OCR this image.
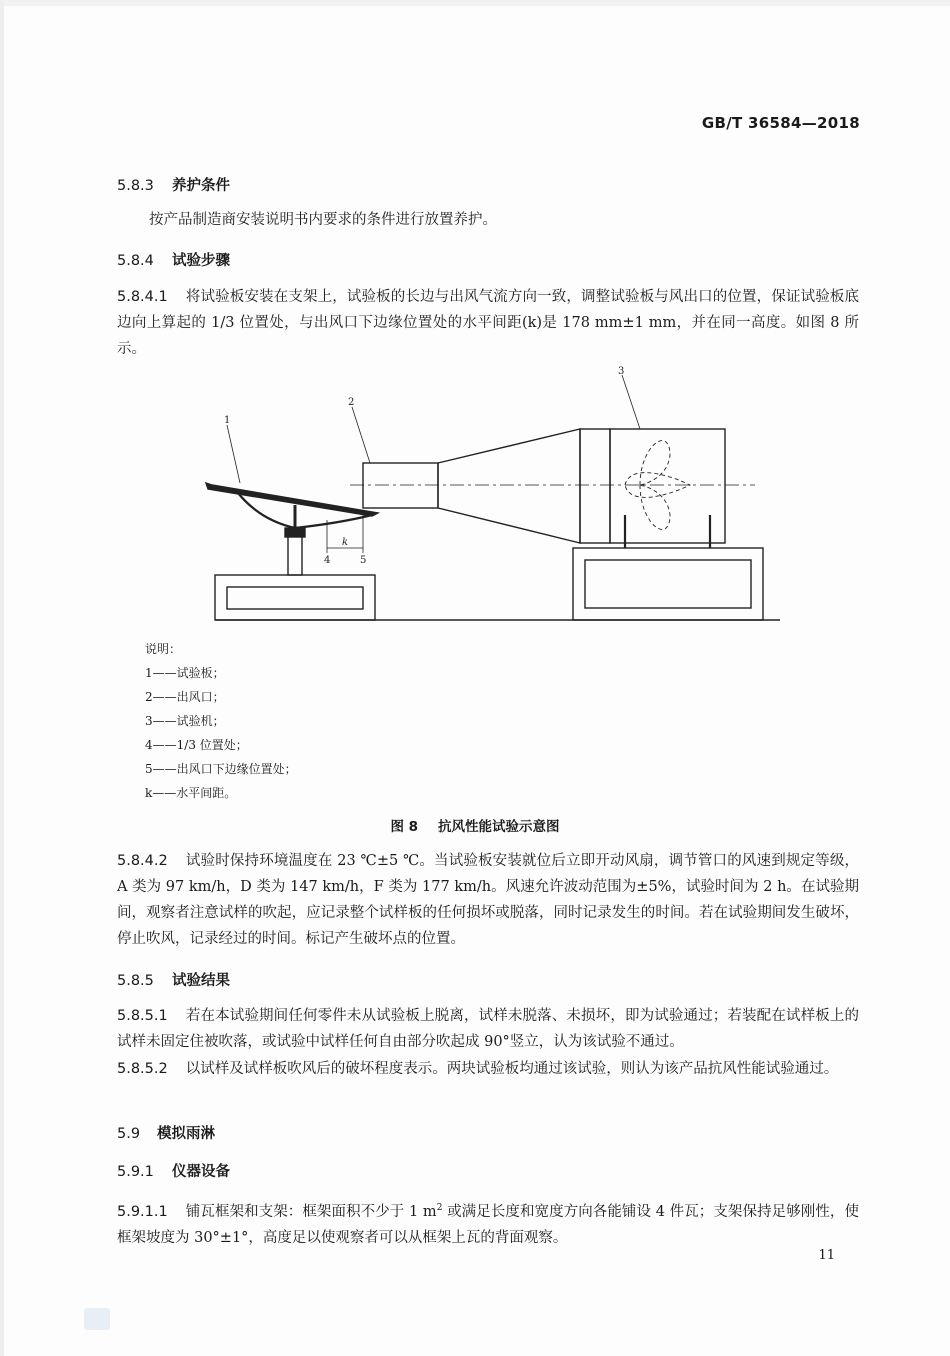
GB/T 36584—2018
5.8.3 养护条件
按产品制造商安装说明书内要求的条件进行放置养护。
5.8.4 试验步骤
5.8.4.1 将试验板安装在支架上，试验板的长边与出风气流方向一致，调整试验板与风出口的位置，保证试验板底边向上算起的 1/3 位置处，与出风口下边缘位置处的水平间距(k)是 178 mm±1 mm，并在同一高度。如图 8 所示。
1
2
3
4	5
k
说明：
1——试验板；
2——出风口；
3——试验机；
4——1/3 位置处；
5——出风口下边缘位置处；
k——水平间距。
图 8 抗风性能试验示意图
5.8.4.2 试验时保持环境温度在 23 ℃±5 ℃。当试验板安装就位后立即开动风扇，调节管口的风速到规定等级，A 类为 97 km/h，D 类为 147 km/h，F 类为 177 km/h。风速允许波动范围为±5%，试验时间为 2 h。在试验期间，观察者注意试样的吹起，应记录整个试样板的任何损坏或脱落，同时记录发生的时间。若在试验期间发生破坏，停止吹风，记录经过的时间。标记产生破坏点的位置。
5.8.5 试验结果
5.8.5.1 若在本试验期间任何零件未从试验板上脱离，试样未脱落、未损坏，即为试验通过；若装配在试样板上的试样未固定住被吹落，或试验中试样任何自由部分吹起成 90°竖立，认为该试验不通过。
5.8.5.2 以试样及试样板吹风后的破坏程度表示。两块试验板均通过该试验，则认为该产品抗风性能试验通过。
5.9 模拟雨淋
5.9.1 仪器设备
5.9.1.1 铺瓦框架和支架：框架面积不少于 1 $m^2$ 或满足长度和宽度方向各能铺设 4 件瓦；支架保持足够刚性，使框架坡度为 30°±1°，高度足以使观察者可以从框架上瓦的背面观察。
11
